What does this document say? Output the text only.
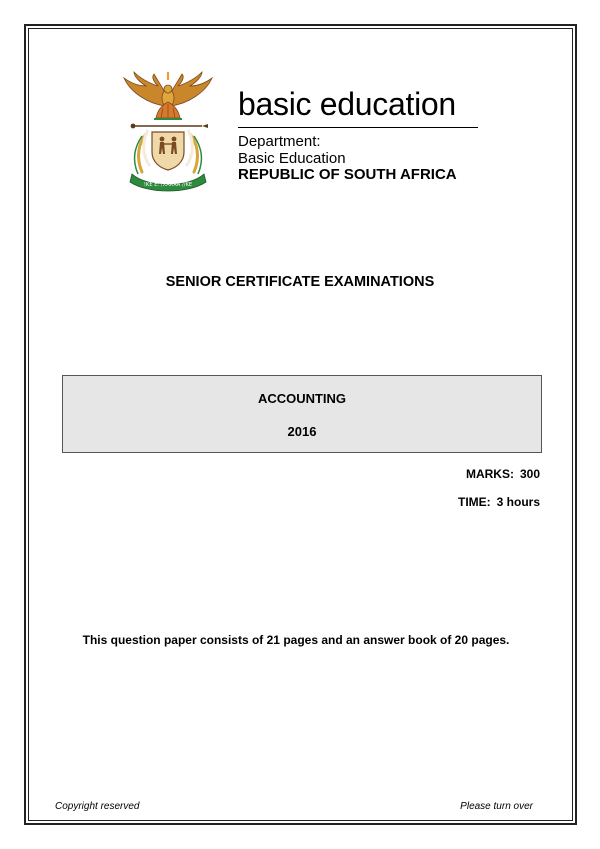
!KE E: /XARRA //KE
basic education
Department:
Basic Education
REPUBLIC OF SOUTH AFRICA
SENIOR CERTIFICATE EXAMINATIONS
ACCOUNTING
2016
MARKS: 300
TIME: 3 hours
This question paper consists of 21 pages and an answer book of 20 pages.
Copyright reserved	Please turn over
